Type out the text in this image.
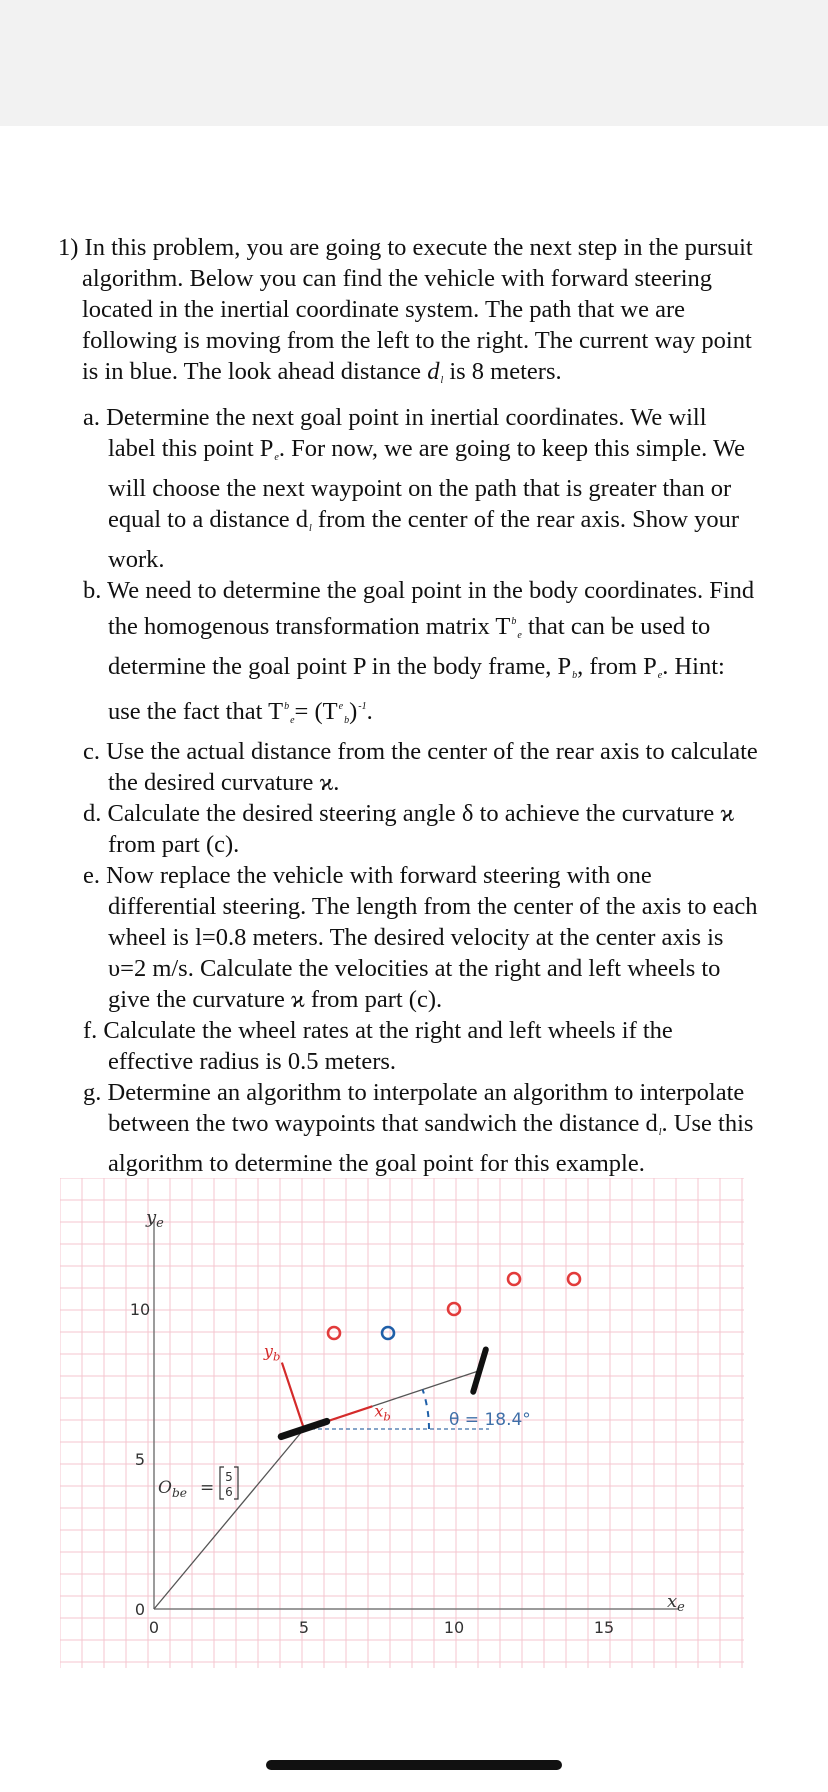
1) In this problem, you are going to execute the next step in the pursuit algorithm. Below you can find the vehicle with forward steering located in the inertial coordinate system. The path that we are following is moving from the left to the right. The current way point is in blue. The look ahead distance $d_l$ is 8 meters.

a. Determine the next goal point in inertial coordinates. We will label this point $P_e$. For now, we are going to keep this simple. We will choose the next waypoint on the path that is greater than or equal to a distance $d_l$ from the center of the rear axis. Show your work.
b. We need to determine the goal point in the body coordinates. Find the homogenous transformation matrix $T^b_e$ that can be used to determine the goal point P in the body frame, $P_b$, from $P_e$. Hint: use the fact that $T^b_e= (T^e_b)^{-1}$.
c. Use the actual distance from the center of the rear axis to calculate the desired curvature ϰ.
d. Calculate the desired steering angle δ to achieve the curvature ϰ from part (c).
e. Now replace the vehicle with forward steering with one differential steering. The length from the center of the axis to each wheel is l=0.8 meters. The desired velocity at the center axis is υ=2 m/s. Calculate the velocities at the right and left wheels to give the curvature ϰ from part (c).
f. Calculate the wheel rates at the right and left wheels if the effective radius is 0.5 meters.
g. Determine an algorithm to interpolate an algorithm to interpolate between the two waypoints that sandwich the distance $d_l$. Use this algorithm to determine the goal point for this example.
0	5	10	15
0
5
10
$x_e$
$y_e$
θ = 18.4°
$x_b$
$y_b$
$O_{be}$ =
5
6
